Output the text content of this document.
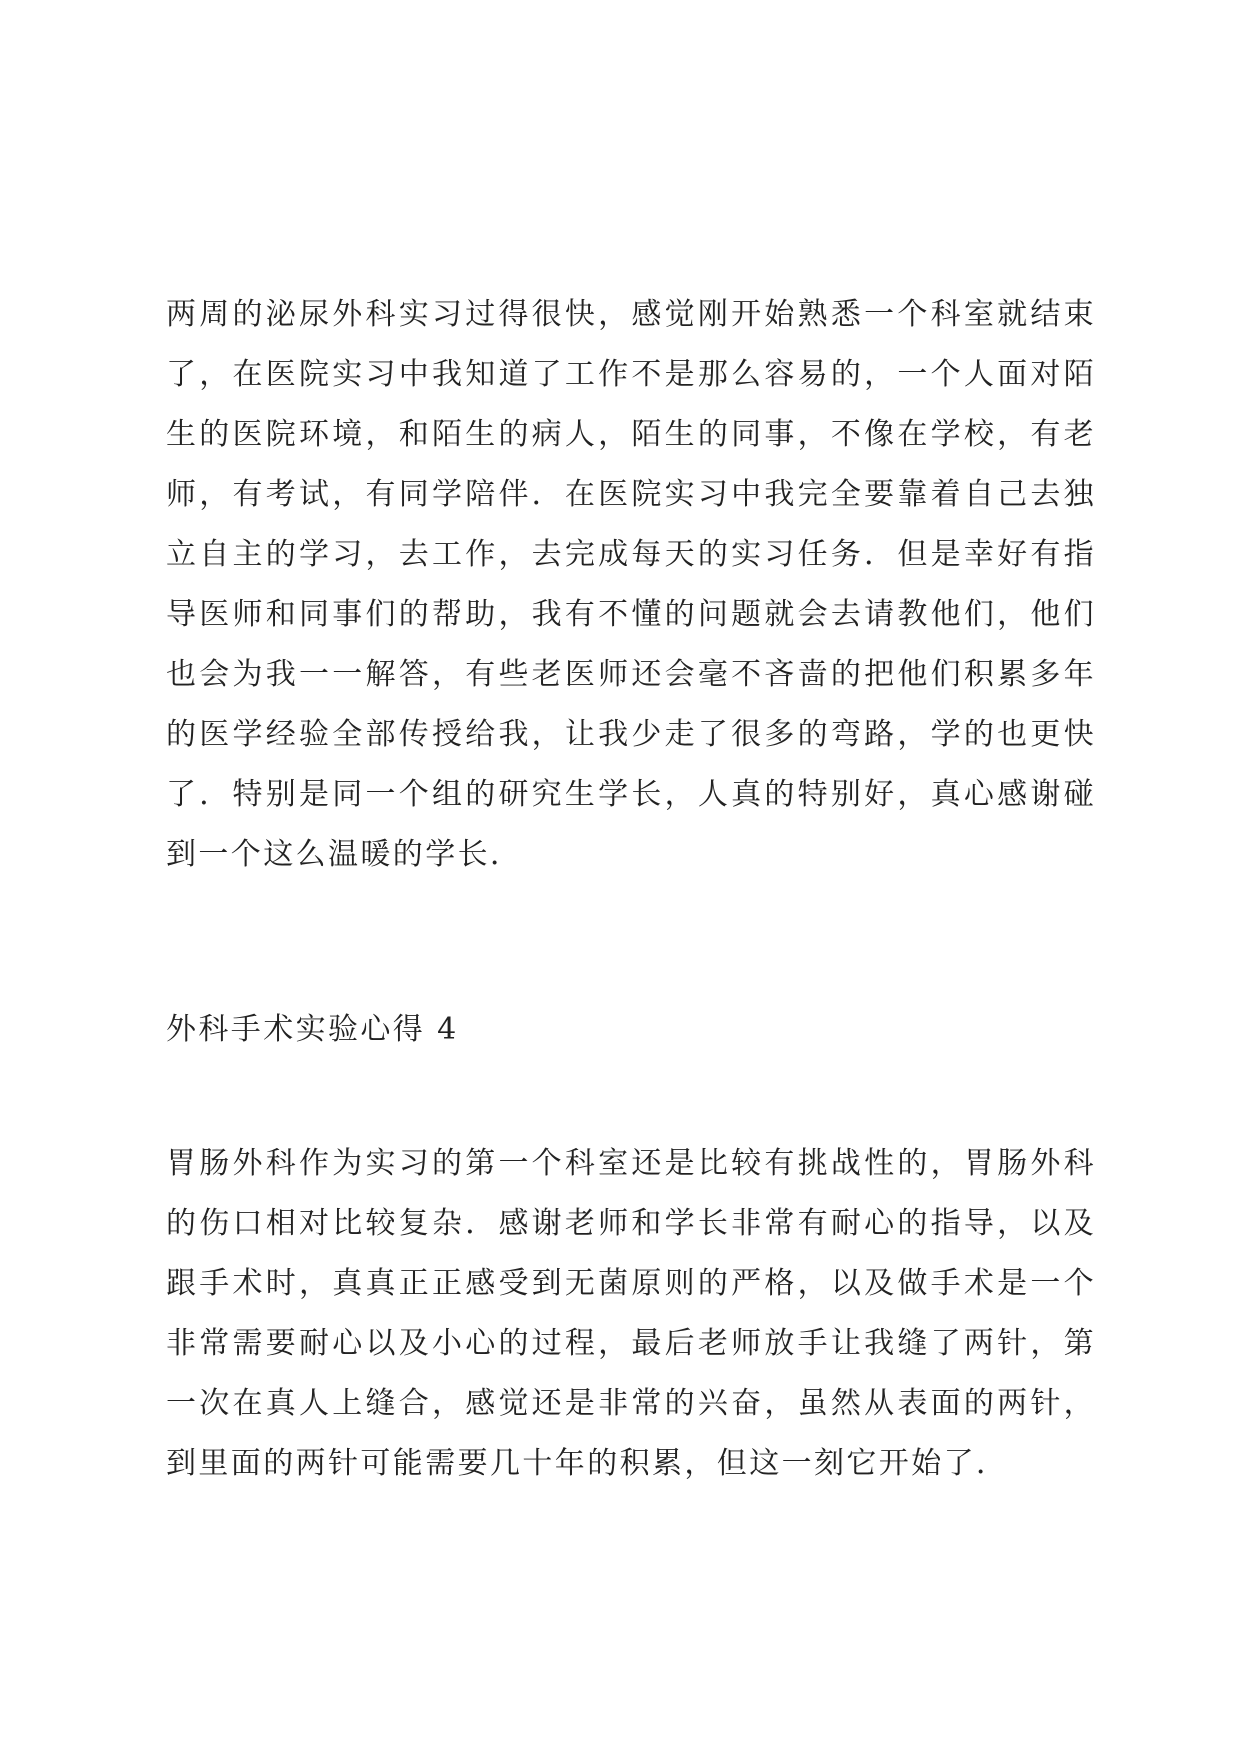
两周的泌尿外科实习过得很快，感觉刚开始熟悉一个科室就结束了，在医院实习中我知道了工作不是那么容易的，一个人面对陌生的医院环境，和陌生的病人，陌生的同事，不像在学校，有老师，有考试，有同学陪伴．在医院实习中我完全要靠着自己去独立自主的学习，去工作，去完成每天的实习任务．但是幸好有指导医师和同事们的帮助，我有不懂的问题就会去请教他们，他们也会为我一一解答，有些老医师还会毫不吝啬的把他们积累多年的医学经验全部传授给我，让我少走了很多的弯路，学的也更快了．特别是同一个组的研究生学长，人真的特别好，真心感谢碰到一个这么温暖的学长．

外科手术实验心得 4

胃肠外科作为实习的第一个科室还是比较有挑战性的，胃肠外科的伤口相对比较复杂．感谢老师和学长非常有耐心的指导，以及跟手术时，真真正正感受到无菌原则的严格，以及做手术是一个非常需要耐心以及小心的过程，最后老师放手让我缝了两针，第一次在真人上缝合，感觉还是非常的兴奋，虽然从表面的两针，到里面的两针可能需要几十年的积累，但这一刻它开始了．
